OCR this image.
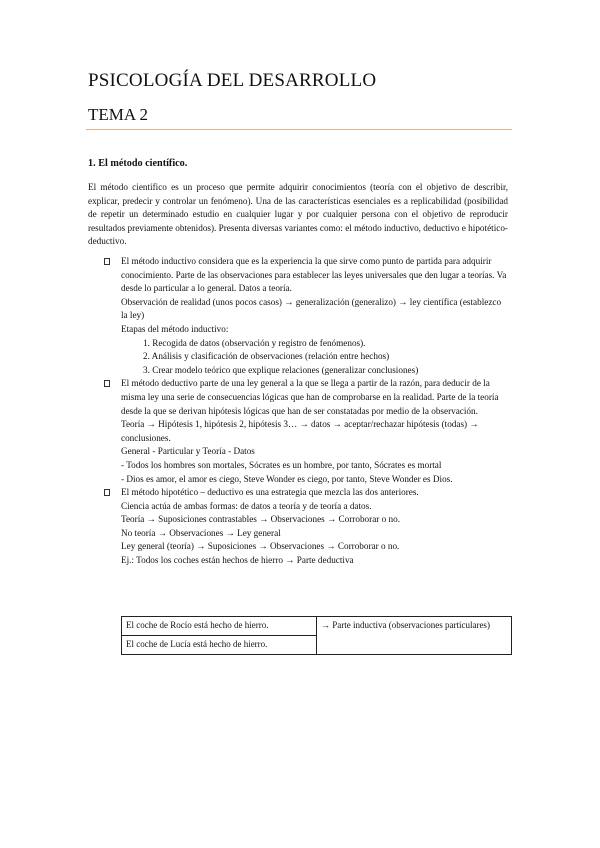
PSICOLOGÍA DEL DESARROLLO
TEMA 2
1. El método científico.
El método científico es un proceso que permite adquirir conocimientos (teoría con el objetivo de describir, explicar, predecir y controlar un fenómeno). Una de las características esenciales es a replicabilidad (posibilidad de repetir un determinado estudio en cualquier lugar y por cualquier persona con el objetivo de reproducir resultados previamente obtenidos). Presenta diversas variantes como: el método inductivo, deductivo e hipotético-deductivo.
El método inductivo considera que es la experiencia la que sirve como punto de partida para adquirir conocimiento. Parte de las observaciones para establecer las leyes universales que den lugar a teorías. Va desde lo particular a lo general. Datos a teoría.
Observación de realidad (unos pocos casos) → generalización (generalizo) → ley científica (establezco la ley)
Etapas del método inductivo:
1. Recogida de datos (observación y registro de fenómenos).
2. Análisis y clasificación de observaciones (relación entre hechos)
3. Crear modelo teórico que explique relaciones (generalizar conclusiones)
El método deductivo parte de una ley general a la que se llega a partir de la razón, para deducir de la misma ley una serie de consecuencias lógicas que han de comprobarse en la realidad. Parte de la teoría desde la que se derivan hipótesis lógicas que han de ser constatadas por medio de la observación.
Teoría → Hipótesis 1, hipótesis 2, hipótesis 3… → datos → aceptar/rechazar hipótesis (todas) → conclusiones.
General - Particular y Teoría - Datos
- Todos los hombres son mortales, Sócrates es un hombre, por tanto, Sócrates es mortal
- Dios es amor, el amor es ciego, Steve Wonder es ciego, por tanto, Steve Wonder es Dios.
El método hipotético – deductivo es una estrategia que mezcla las dos anteriores.
Ciencia actúa de ambas formas: de datos a teoría y de teoría a datos.
Teoría → Suposiciones contrastables → Observaciones → Corroborar o no.
No teoría → Observaciones → Ley general
Ley general (teoría) → Suposiciones → Observaciones → Corroborar o no.
Ej.: Todos los coches están hechos de hierro → Parte deductiva
El coche de Rocío está hecho de hierro.	→ Parte inductiva (observaciones particulares)
El coche de Lucía está hecho de hierro.
